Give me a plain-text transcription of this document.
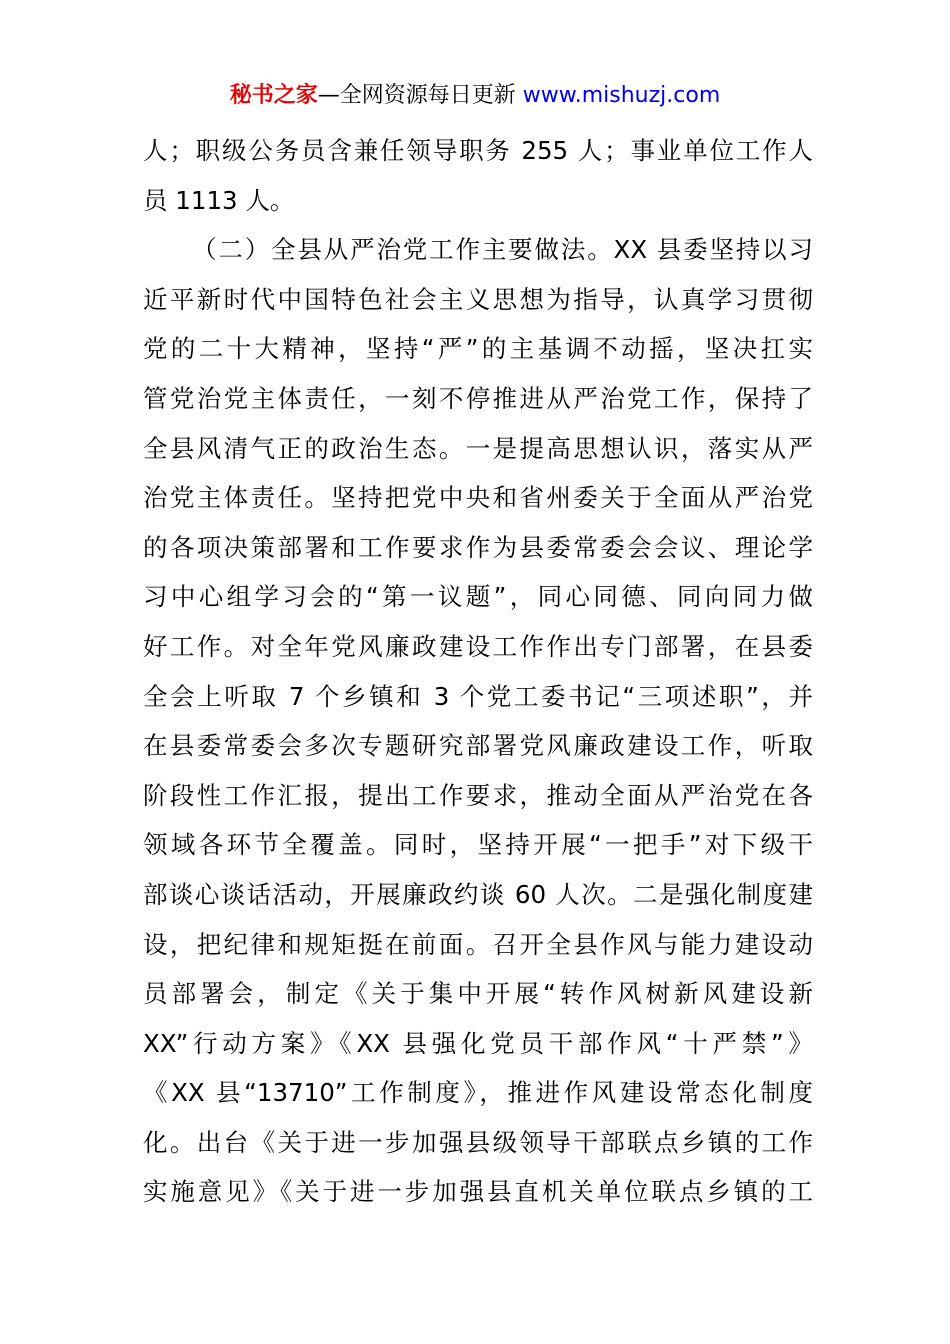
秘书之家—全网资源每日更新 www.mishuzj.com
人；职级公务员含兼任领导职务 255 人；事业单位工作人
员 1113 人。
（二）全县从严治党工作主要做法。XX 县委坚持以习
近平新时代中国特色社会主义思想为指导，认真学习贯彻
党的二十大精神，坚持“严”的主基调不动摇，坚决扛实
管党治党主体责任，一刻不停推进从严治党工作，保持了
全县风清气正的政治生态。一是提高思想认识，落实从严
治党主体责任。坚持把党中央和省州委关于全面从严治党
的各项决策部署和工作要求作为县委常委会会议、理论学
习中心组学习会的“第一议题”，同心同德、同向同力做
好工作。对全年党风廉政建设工作作出专门部署，在县委
全会上听取 7 个乡镇和 3 个党工委书记“三项述职”，并
在县委常委会多次专题研究部署党风廉政建设工作，听取
阶段性工作汇报，提出工作要求，推动全面从严治党在各
领域各环节全覆盖。同时，坚持开展“一把手”对下级干
部谈心谈话活动，开展廉政约谈 60 人次。二是强化制度建
设，把纪律和规矩挺在前面。召开全县作风与能力建设动
员部署会，制定《关于集中开展“转作风树新风建设新
XX”行动方案》《XX 县强化党员干部作风“十严禁”》
《XX 县“13710”工作制度》，推进作风建设常态化制度
化。出台《关于进一步加强县级领导干部联点乡镇的工作
实施意见》《关于进一步加强县直机关单位联点乡镇的工
